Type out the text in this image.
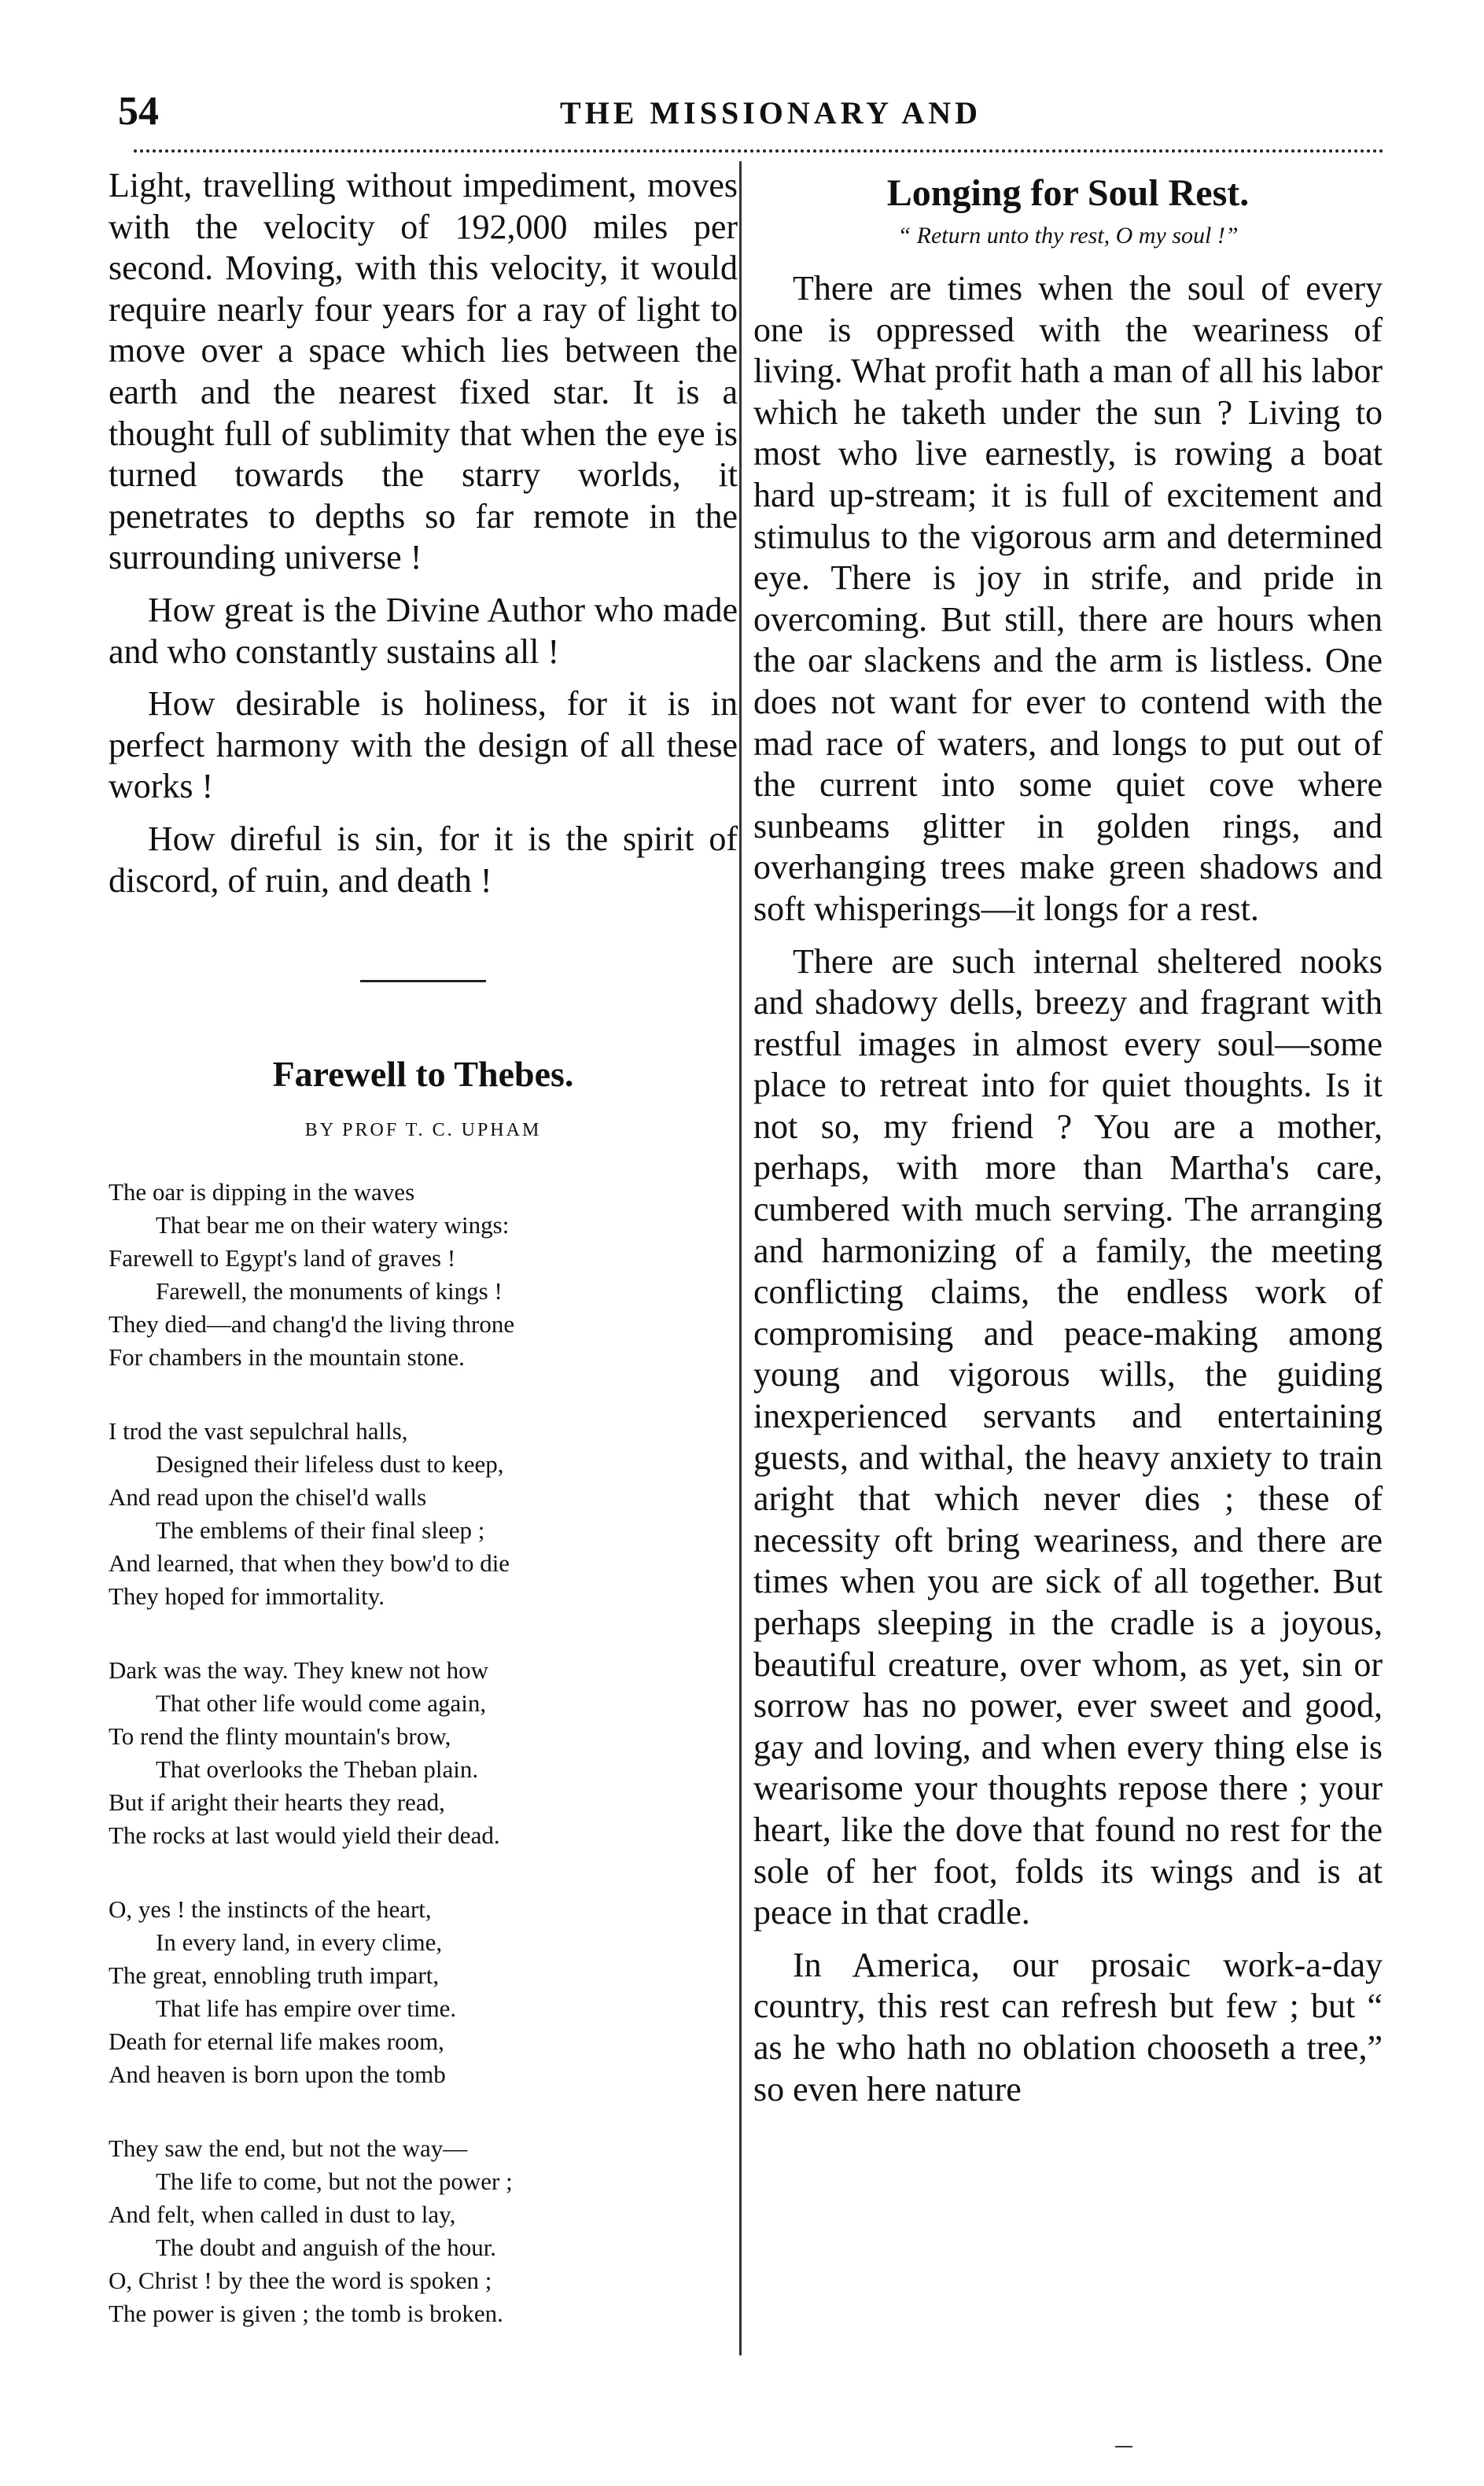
54	THE MISSIONARY AND

Light, travelling without impediment, moves with the velocity of 192,000 miles per second. Moving, with this velocity, it would require nearly four years for a ray of light to move over a space which lies between the earth and the nearest fixed star. It is a thought full of sublimity that when the eye is turned towards the starry worlds, it penetrates to depths so far remote in the surrounding universe !

How great is the Divine Author who made and who constantly sustains all !

How desirable is holiness, for it is in perfect harmony with the design of all these works !

How direful is sin, for it is the spirit of discord, of ruin, and death !

Farewell to Thebes.
BY PROF T. C. UPHAM
The oar is dipping in the waves
That bear me on their watery wings:
Farewell to Egypt's land of graves !
Farewell, the monuments of kings !
They died—and chang'd the living throne
For chambers in the mountain stone.
I trod the vast sepulchral halls,
Designed their lifeless dust to keep,
And read upon the chisel'd walls
The emblems of their final sleep ;
And learned, that when they bow'd to die
They hoped for immortality.
Dark was the way. They knew not how
That other life would come again,
To rend the flinty mountain's brow,
That overlooks the Theban plain.
But if aright their hearts they read,
The rocks at last would yield their dead.
O, yes ! the instincts of the heart,
In every land, in every clime,
The great, ennobling truth impart,
That life has empire over time.
Death for eternal life makes room,
And heaven is born upon the tomb
They saw the end, but not the way—
The life to come, but not the power ;
And felt, when called in dust to lay,
The doubt and anguish of the hour.
O, Christ ! by thee the word is spoken ;
The power is given ; the tomb is broken.
Longing for Soul Rest.
“ Return unto thy rest, O my soul !”

There are times when the soul of every one is oppressed with the weariness of living. What profit hath a man of all his labor which he taketh under the sun ? Living to most who live earnestly, is rowing a boat hard up-stream; it is full of excitement and stimulus to the vigorous arm and determined eye. There is joy in strife, and pride in overcoming. But still, there are hours when the oar slackens and the arm is listless. One does not want for ever to contend with the mad race of waters, and longs to put out of the current into some quiet cove where sunbeams glitter in golden rings, and overhanging trees make green shadows and soft whisperings—it longs for a rest.

There are such internal sheltered nooks and shadowy dells, breezy and fragrant with restful images in almost every soul—some place to retreat into for quiet thoughts. Is it not so, my friend ? You are a mother, perhaps, with more than Martha's care, cumbered with much serving. The arranging and harmonizing of a family, the meeting conflicting claims, the endless work of compromising and peace-making among young and vigorous wills, the guiding inexperienced servants and entertaining guests, and withal, the heavy anxiety to train aright that which never dies ; these of necessity oft bring weariness, and there are times when you are sick of all together. But perhaps sleeping in the cradle is a joyous, beautiful creature, over whom, as yet, sin or sorrow has no power, ever sweet and good, gay and loving, and when every thing else is wearisome your thoughts repose there ; your heart, like the dove that found no rest for the sole of her foot, folds its wings and is at peace in that cradle.

In America, our prosaic work-a-day country, this rest can refresh but few ; but “ as he who hath no oblation chooseth a tree,” so even here nature
